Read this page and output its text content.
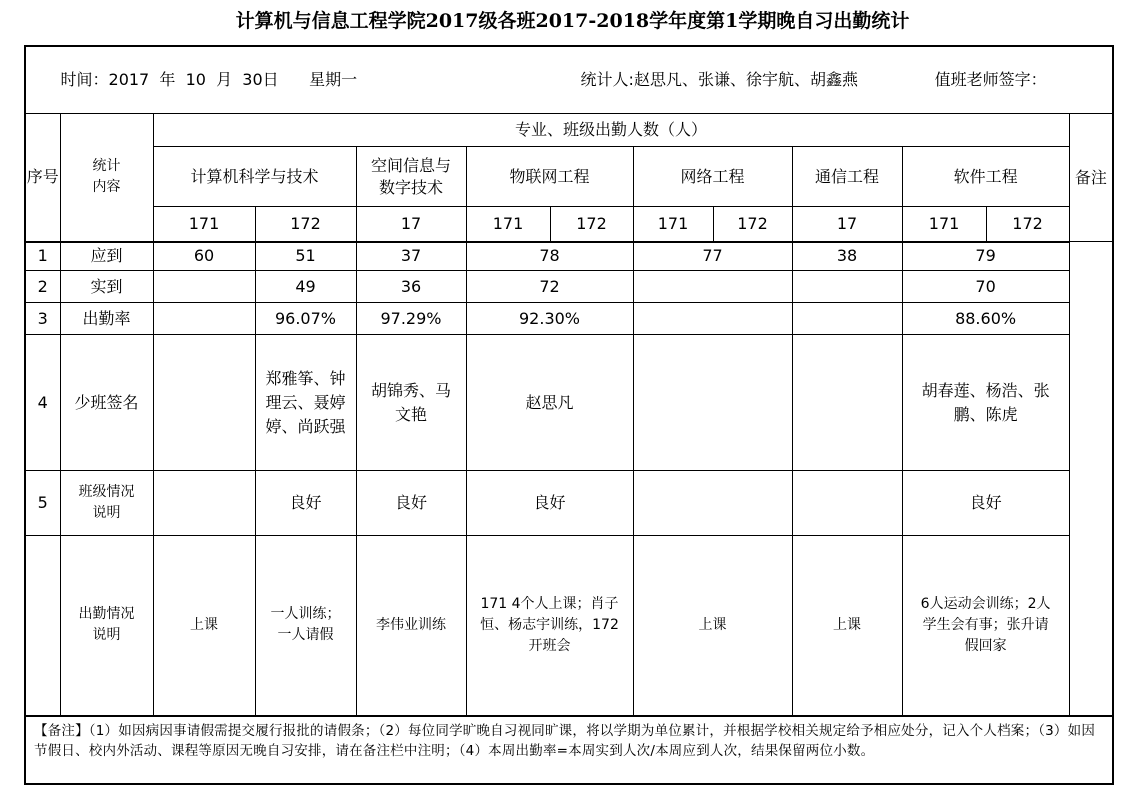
计算机与信息工程学院2017级各班2017-2018学年度第1学期晚自习出勤统计

时间：2017  年  10  月  30日 星期一						统计人:赵思凡、张谦、徐宇航、胡鑫燕				值班老师签字：		

序号	统计
内容	专业、班级出勤人数（人）										备注
		计算机科学与技术		空间信息与
数字技术	物联网工程		网络工程		通信工程	软件工程		
		171	172	17	171	172	171	172	17	171	172	
1	应到	60	51	37	78		77		38	79		
2	实到		49	36	72					70		
3	出勤率		96.07%	97.29%	92.30%					88.60%		
4	少班签名		郑雅筝、钟
理云、聂婷
婷、尚跃强	胡锦秀、马
文艳	赵思凡					胡春莲、杨浩、张
鹏、陈虎		

5	班级情况
说明		良好	良好	良好					良好		

	出勤情况
说明	上课	一人训练；
一人请假	李伟业训练	171 4个人上课；肖子
恒、杨志宇训练，172
开班会		上课		上课	6人运动会训练；2人
学生会有事；张升请
假回家		

【备注】（1）如因病因事请假需提交履行报批的请假条；（2）每位同学旷晚自习视同旷课，将以学期为单位累计，并根据学校相关规定给予相应处分，记入个人档案；（3）如因节假日、校内外活动、课程等原因无晚自习安排，请在备注栏中注明；（4）本周出勤率=本周实到人次/本周应到人次，结果保留两位小数。												
